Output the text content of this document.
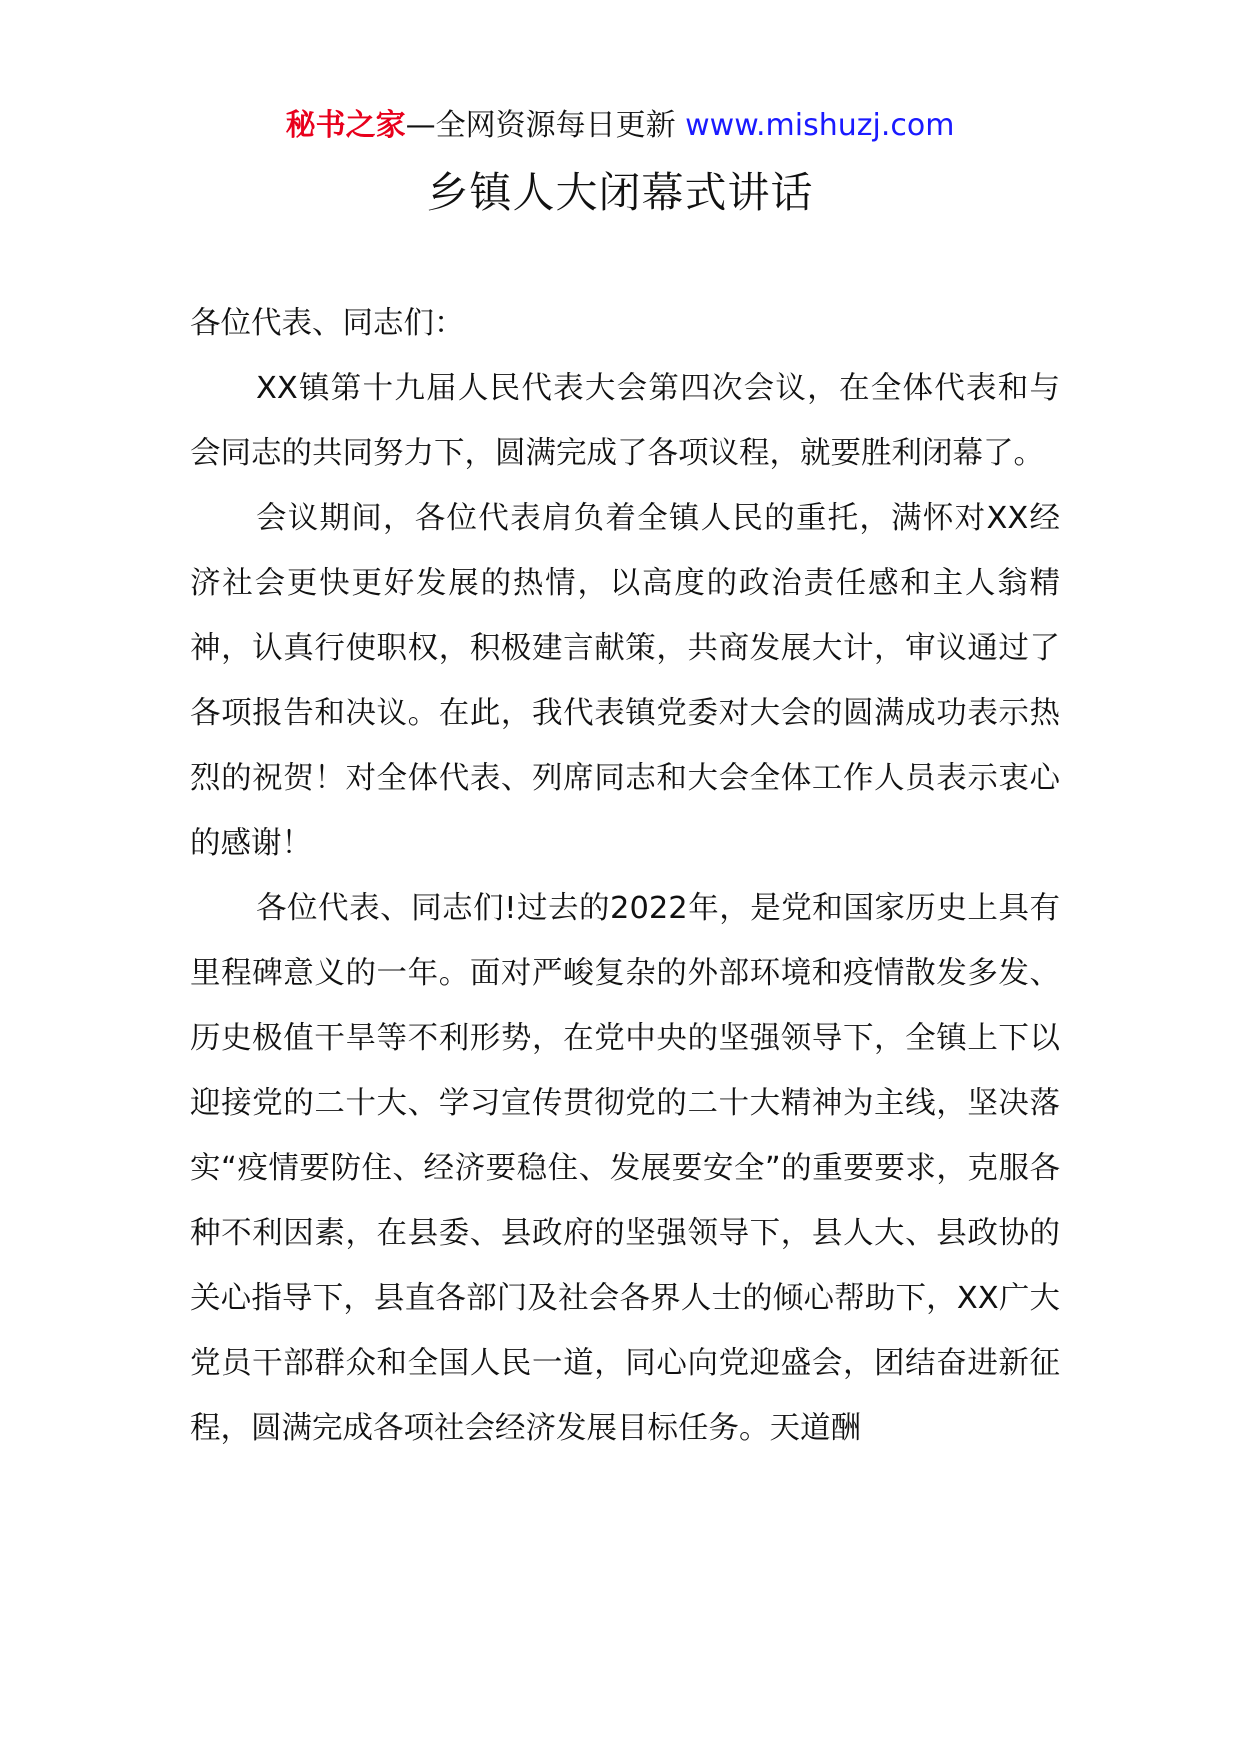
秘书之家—全网资源每日更新 www.mishuzj.com
乡镇人大闭幕式讲话

各位代表、同志们：

XX镇第十九届人民代表大会第四次会议，在全体代表和与会同志的共同努力下，圆满完成了各项议程，就要胜利闭幕了。

会议期间，各位代表肩负着全镇人民的重托，满怀对XX经济社会更快更好发展的热情，以高度的政治责任感和主人翁精神，认真行使职权，积极建言献策，共商发展大计，审议通过了各项报告和决议。在此，我代表镇党委对大会的圆满成功表示热烈的祝贺！对全体代表、列席同志和大会全体工作人员表示衷心的感谢！

各位代表、同志们!过去的2022年，是党和国家历史上具有里程碑意义的一年。面对严峻复杂的外部环境和疫情散发多发、历史极值干旱等不利形势，在党中央的坚强领导下，全镇上下以迎接党的二十大、学习宣传贯彻党的二十大精神为主线，坚决落实“疫情要防住、经济要稳住、发展要安全”的重要要求，克服各种不利因素，在县委、县政府的坚强领导下，县人大、县政协的关心指导下，县直各部门及社会各界人士的倾心帮助下，XX广大党员干部群众和全国人民一道，同心向党迎盛会，团结奋进新征程，圆满完成各项社会经济发展目标任务。天道酬
